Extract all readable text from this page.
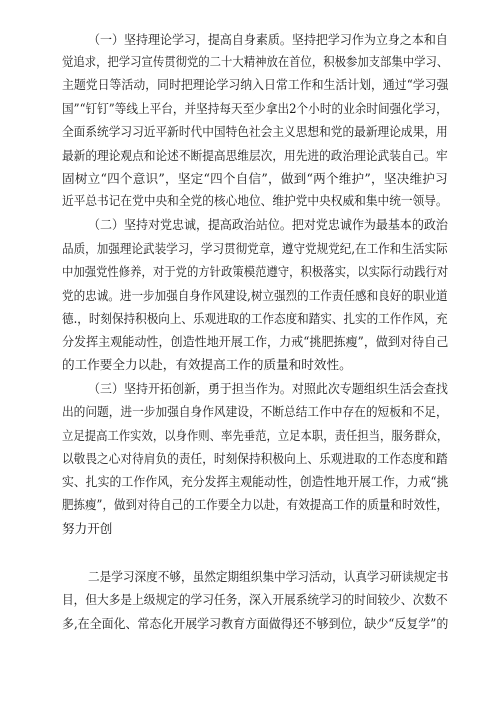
（一）坚持理论学习，提高自身素质。坚持把学习作为立身之本和自
觉追求，把学习宣传贯彻党的二十大精神放在首位，积极参加支部集中学习、
主题党日等活动，同时把理论学习纳入日常工作和生活计划，通过“学习强
国”“钉钉”等线上平台，并坚持每天至少拿出2个小时的业余时间强化学习，
全面系统学习习近平新时代中国特色社会主义思想和党的最新理论成果，用
最新的理论观点和论述不断提高思维层次，用先进的政治理论武装自己。牢
固树立“四个意识”，坚定“四个自信”，做到“两个维护”，坚决维护习
近平总书记在党中央和全党的核心地位、维护党中央权威和集中统一领导。
（二）坚持对党忠诚，提高政治站位。把对党忠诚作为最基本的政治
品质，加强理论武装学习，学习贯彻党章，遵守党规党纪,在工作和生活实际
中加强党性修养，对于党的方针政策模范遵守，积极落实，以实际行动践行对
党的忠诚。进一步加强自身作风建设,树立强烈的工作责任感和良好的职业道
德.，时刻保持积极向上、乐观进取的工作态度和踏实、扎实的工作作风，充
分发挥主观能动性，创造性地开展工作，力戒“挑肥拣瘦”，做到对待自己
的工作要全力以赴，有效提高工作的质量和时效性。
（三）坚持开拓创新，勇于担当作为。对照此次专题组织生活会查找
出的问题，进一步加强自身作风建设，不断总结工作中存在的短板和不足，
立足提高工作实效，以身作则、率先垂范，立足本职，责任担当，服务群众，
以敬畏之心对待肩负的责任，时刻保持积极向上、乐观进取的工作态度和踏
实、扎实的工作作风，充分发挥主观能动性，创造性地开展工作，力戒“挑
肥拣瘦”，做到对待自己的工作要全力以赴，有效提高工作的质量和时效性，
努力开创
二是学习深度不够，虽然定期组织集中学习活动，认真学习研读规定书
目，但大多是上级规定的学习任务，深入开展系统学习的时间较少、次数不
多,在全面化、常态化开展学习教育方面做得还不够到位，缺少“反复学”的
